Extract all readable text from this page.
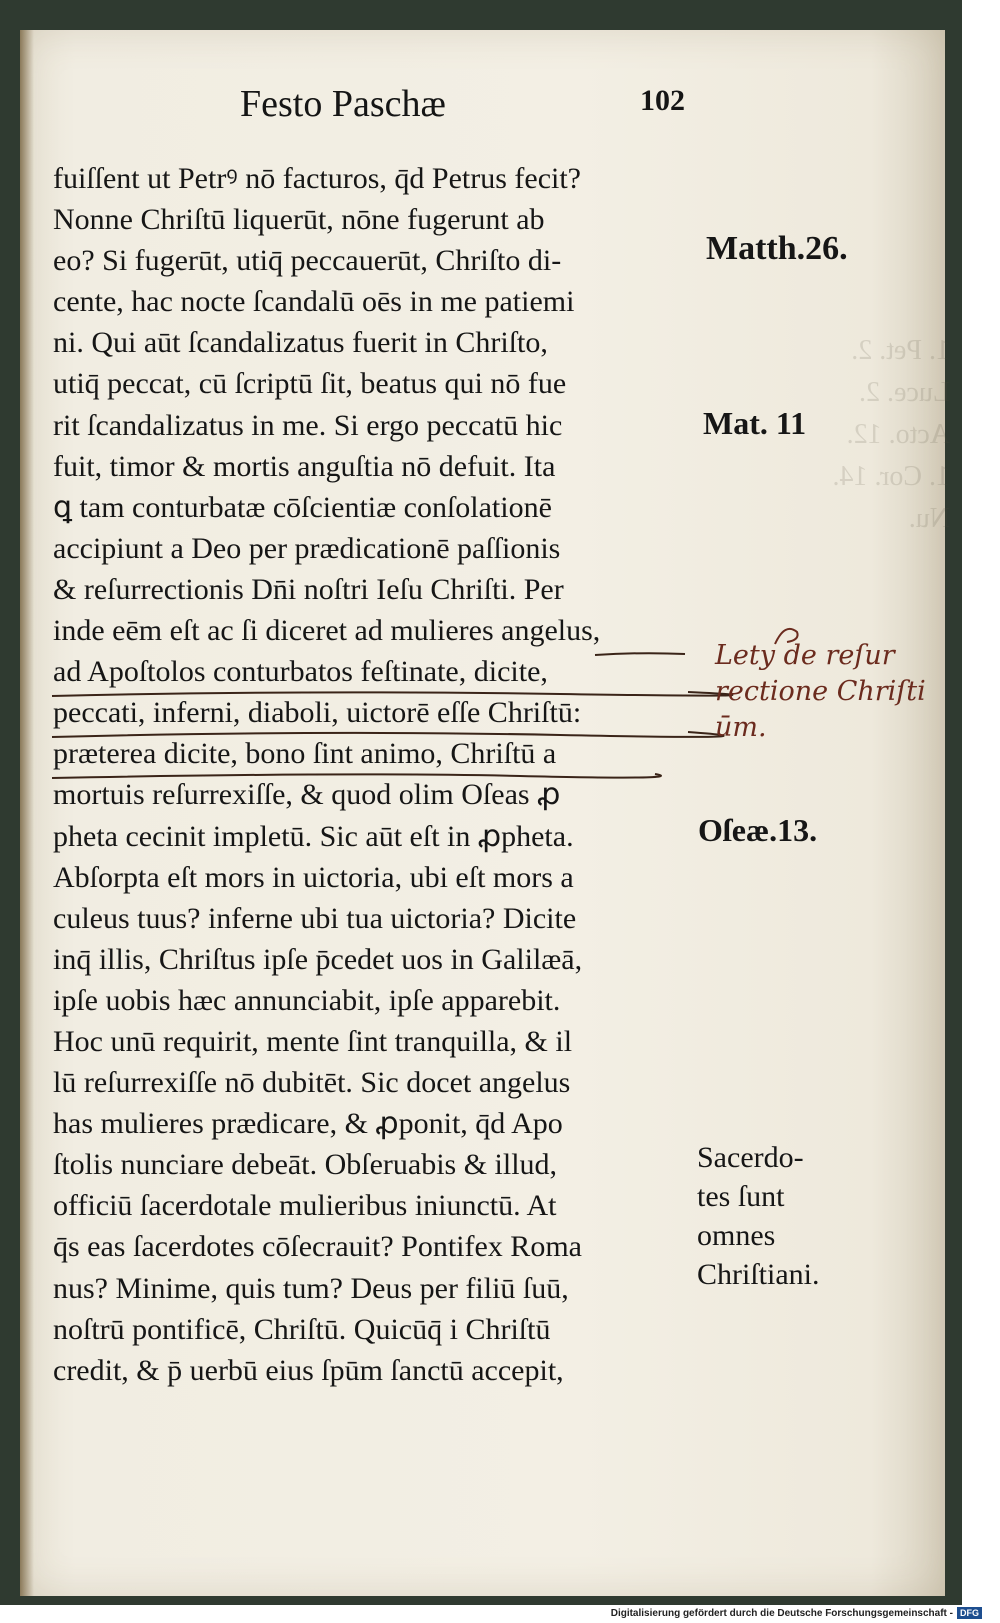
1. Pet. 2.
Luce. 2.
Acto. 12.
1. Cor. 14.
Nu.
Festo Paschæ	102
fuiſſent ut Petrꝰ nō facturos, q̄d Petrus fecit?
Nonne Chriſtū liquerūt, nōne fugerunt ab
eo? Si fugerūt, utiq̄ peccauerūt, Chriſto di-
cente, hac nocte ſcandalū oēs in me patiemi
ni. Qui aūt ſcandalizatus fuerit in Chriſto,
utiq̄ peccat, cū ſcriptū ſit, beatus qui nō fue
rit ſcandalizatus in me. Si ergo peccatū hic
fuit, timor & mortis anguſtia nō defuit. Ita
ꝗ tam conturbatæ cōſcientiæ conſolationē
accipiunt a Deo per prædicationē paſſionis
& reſurrectionis Dn̄i noſtri Ieſu Chriſti. Per
inde eēm eſt ac ſi diceret ad mulieres angelus,
ad Apoſtolos conturbatos feſtinate, dicite,
peccati, inferni, diaboli, uictorē eſſe Chriſtū:
præterea dicite, bono ſint animo, Chriſtū a
mortuis reſurrexiſſe, & quod olim Oſeas ꝓ
pheta cecinit impletū. Sic aūt eſt in ꝓpheta.
Abſorpta eſt mors in uictoria, ubi eſt mors a
culeus tuus? inferne ubi tua uictoria? Dicite
inq̄ illis, Chriſtus ipſe p̄cedet uos in Galilæā,
ipſe uobis hæc annunciabit, ipſe apparebit.
Hoc unū requirit, mente ſint tranquilla, & il
lū reſurrexiſſe nō dubitēt. Sic docet angelus
has mulieres prædicare, & ꝓponit, q̄d Apo
ſtolis nunciare debeāt. Obſeruabis & illud,
officiū ſacerdotale mulieribus iniunctū. At
q̄s eas ſacerdotes cōſecrauit? Pontifex Roma
nus? Minime, quis tum? Deus per filiū ſuū,
noſtrū pontificē, Chriſtū. Quicūq̄ i Chriſtū
credit, & p̄ uerbū eius ſpūm ſanctū accepit,
Matth.26.
Mat. 11
Oſeæ.13.
Sacerdo-
tes ſunt
omnes
Chriſtiani.
Lety de reſur
rectione Chriſti
ūm.
Digitalisierung gefördert durch die Deutsche Forschungsgemeinschaft - DFG
